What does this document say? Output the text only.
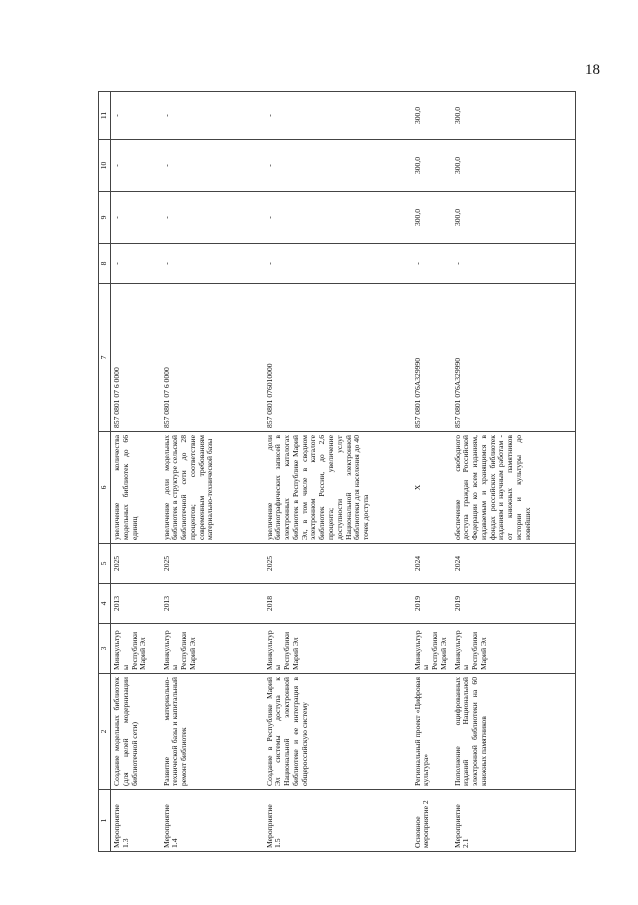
18
1	2	3	4	5	6	7	8	9	10	11
Мероприятие 1.3	Создание модельных библиотек (для целей модернизации библиотечной сети)	Минкультуры Республики Марий Эл	2013	2025	увеличение количества модельных библиотек до 66 единиц	857 0801 07 6 0000	-	-	-	-
Мероприятие 1.4	Развитие материально-технической базы и капитальный ремонт библиотек	Минкультуры Республики Марий Эл	2013	2025	увеличение доли модельных библиотек в структуре сельской библиотечной сети до 28 процентов; соответствие современным требованиям материально-технической базы	857 0801 07 6 0000	-	-	-	-
Мероприятие 1.5	Создание в Республике Марий Эл системы доступа к Национальной электронной библиотеке и ее интеграция в общероссийскую систему	Минкультуры Республики Марий Эл	2018	2025	увеличение доли библиографических записей в электронных каталогах библиотек в Республике Марий Эл, в том числе в сводном электронном каталоге библиотек России, до 2,6 процента; увеличение доступности услуг Национальной электронной библиотеки для населения до 40 точек доступа	857 0801 076010000	-	-	-	-
Основное мероприятие 2	Региональный проект «Цифровая культура»	Минкультуры Республики Марий Эл	2019	2024	X	857 0801 076А329990	-	300,0	300,0	300,0
Мероприятие 2.1	Пополнение оцифрованных изданий Национальной электронной библиотеки на 60 книжных памятников	Минкультуры Республики Марий Эл	2019	2024	обеспечение свободного доступа граждан Российской Федерации ко всем изданиям, издаваемым и хранящимся в фондах российских библиотек изданиям и научным работам - от книжных памятников истории и культуры до новейших	857 0801 076А329990	-	300,0	300,0	300,0
